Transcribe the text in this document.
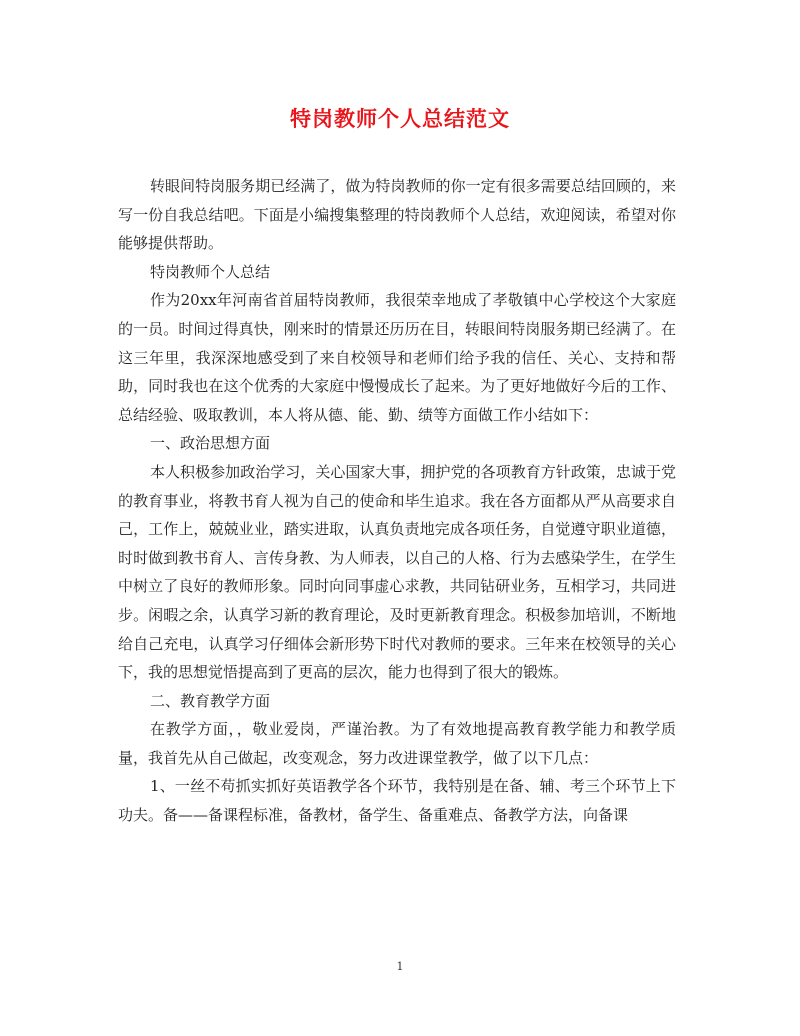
特岗教师个人总结范文

转眼间特岗服务期已经满了，做为特岗教师的你一定有很多需要总结回顾的，来写一份自我总结吧。下面是小编搜集整理的特岗教师个人总结，欢迎阅读，希望对你能够提供帮助。

特岗教师个人总结

作为20xx年河南省首届特岗教师，我很荣幸地成了孝敬镇中心学校这个大家庭的一员。时间过得真快，刚来时的情景还历历在目，转眼间特岗服务期已经满了。在这三年里，我深深地感受到了来自校领导和老师们给予我的信任、关心、支持和帮助，同时我也在这个优秀的大家庭中慢慢成长了起来。为了更好地做好今后的工作、总结经验、吸取教训，本人将从德、能、勤、绩等方面做工作小结如下：

一、政治思想方面

本人积极参加政治学习，关心国家大事，拥护党的各项教育方针政策，忠诚于党的教育事业，将教书育人视为自己的使命和毕生追求。我在各方面都从严从高要求自己，工作上，兢兢业业，踏实进取，认真负责地完成各项任务，自觉遵守职业道德，时时做到教书育人、言传身教、为人师表，以自己的人格、行为去感染学生，在学生中树立了良好的教师形象。同时向同事虚心求教，共同钻研业务，互相学习，共同进步。闲暇之余，认真学习新的教育理论，及时更新教育理念。积极参加培训，不断地给自己充电，认真学习仔细体会新形势下时代对教师的要求。三年来在校领导的关心下，我的思想觉悟提高到了更高的层次，能力也得到了很大的锻炼。

二、教育教学方面

在教学方面，，敬业爱岗，严谨治教。为了有效地提高教育教学能力和教学质量，我首先从自己做起，改变观念，努力改进课堂教学，做了以下几点：

1、一丝不苟抓实抓好英语教学各个环节，我特别是在备、辅、考三个环节上下功夫。备——备课程标准，备教材，备学生、备重难点、备教学方法，向备课

1
